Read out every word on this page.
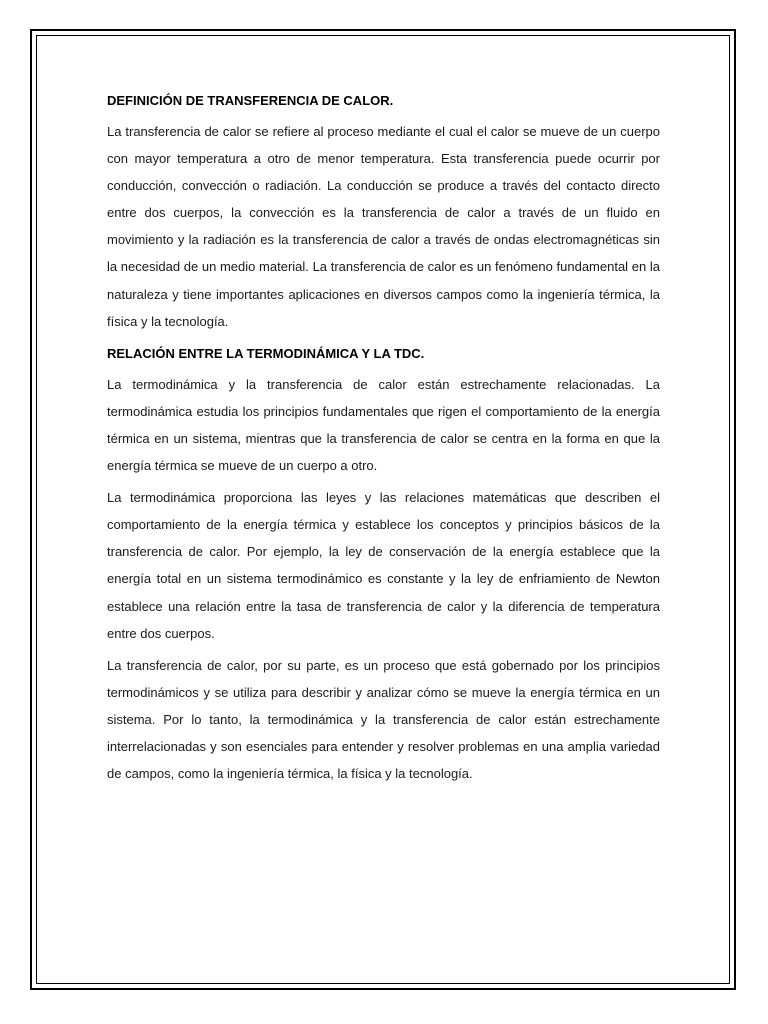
DEFINICIÓN DE TRANSFERENCIA DE CALOR.

La transferencia de calor se refiere al proceso mediante el cual el calor se mueve de un cuerpo con mayor temperatura a otro de menor temperatura. Esta transferencia puede ocurrir por conducción, convección o radiación. La conducción se produce a través del contacto directo entre dos cuerpos, la convección es la transferencia de calor a través de un fluido en movimiento y la radiación es la transferencia de calor a través de ondas electromagnéticas sin la necesidad de un medio material. La transferencia de calor es un fenómeno fundamental en la naturaleza y tiene importantes aplicaciones en diversos campos como la ingeniería térmica, la física y la tecnología.

RELACIÓN ENTRE LA TERMODINÁMICA Y LA TDC.

La termodinámica y la transferencia de calor están estrechamente relacionadas. La termodinámica estudia los principios fundamentales que rigen el comportamiento de la energía térmica en un sistema, mientras que la transferencia de calor se centra en la forma en que la energía térmica se mueve de un cuerpo a otro.

La termodinámica proporciona las leyes y las relaciones matemáticas que describen el comportamiento de la energía térmica y establece los conceptos y principios básicos de la transferencia de calor. Por ejemplo, la ley de conservación de la energía establece que la energía total en un sistema termodinámico es constante y la ley de enfriamiento de Newton establece una relación entre la tasa de transferencia de calor y la diferencia de temperatura entre dos cuerpos.

La transferencia de calor, por su parte, es un proceso que está gobernado por los principios termodinámicos y se utiliza para describir y analizar cómo se mueve la energía térmica en un sistema. Por lo tanto, la termodinámica y la transferencia de calor están estrechamente interrelacionadas y son esenciales para entender y resolver problemas en una amplia variedad de campos, como la ingeniería térmica, la física y la tecnología.
